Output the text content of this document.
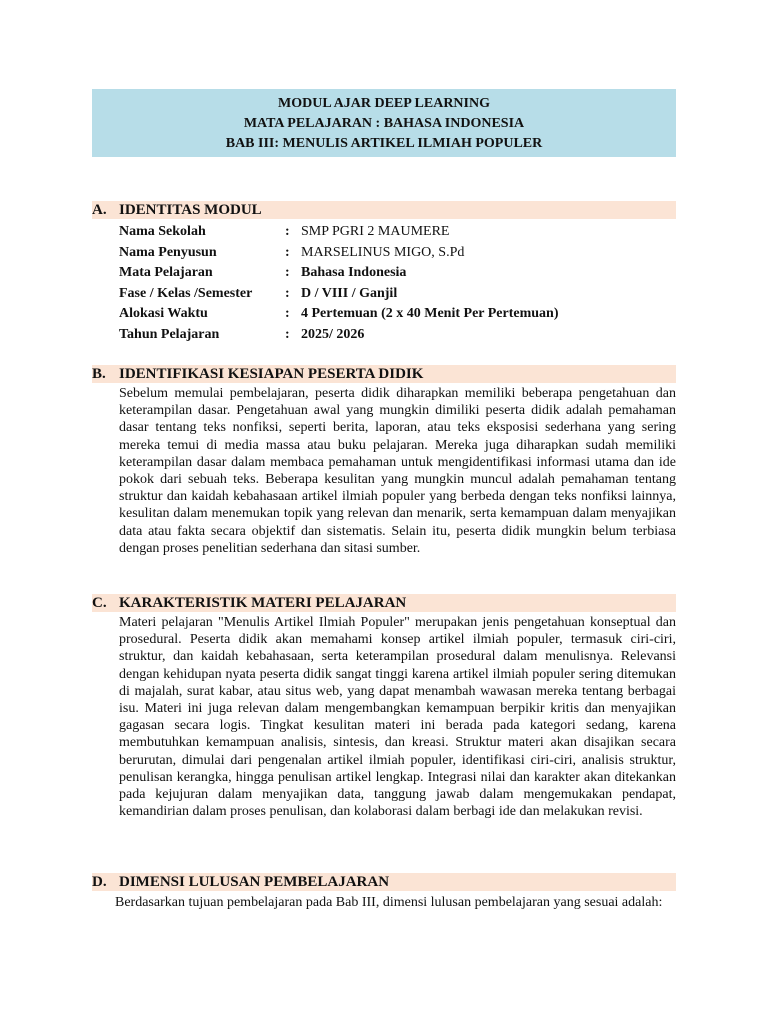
MODUL AJAR DEEP LEARNING
MATA PELAJARAN : BAHASA INDONESIA
BAB III: MENULIS ARTIKEL ILMIAH POPULER
A. IDENTITAS MODUL
Nama Sekolah	: SMP PGRI 2 MAUMERE
Nama Penyusun	: MARSELINUS MIGO, S.Pd
Mata Pelajaran	: Bahasa Indonesia
Fase / Kelas /Semester : D / VIII / Ganjil
Alokasi Waktu	: 4 Pertemuan (2 x 40 Menit Per Pertemuan)
Tahun Pelajaran	: 2025/ 2026
B. IDENTIFIKASI KESIAPAN PESERTA DIDIK
Sebelum memulai pembelajaran, peserta didik diharapkan memiliki beberapa pengetahuan dan keterampilan dasar. Pengetahuan awal yang mungkin dimiliki peserta didik adalah pemahaman dasar tentang teks nonfiksi, seperti berita, laporan, atau teks eksposisi sederhana yang sering mereka temui di media massa atau buku pelajaran. Mereka juga diharapkan sudah memiliki keterampilan dasar dalam membaca pemahaman untuk mengidentifikasi informasi utama dan ide pokok dari sebuah teks. Beberapa kesulitan yang mungkin muncul adalah pemahaman tentang struktur dan kaidah kebahasaan artikel ilmiah populer yang berbeda dengan teks nonfiksi lainnya, kesulitan dalam menemukan topik yang relevan dan menarik, serta kemampuan dalam menyajikan data atau fakta secara objektif dan sistematis. Selain itu, peserta didik mungkin belum terbiasa dengan proses penelitian sederhana dan sitasi sumber.
C. KARAKTERISTIK MATERI PELAJARAN
Materi pelajaran "Menulis Artikel Ilmiah Populer" merupakan jenis pengetahuan konseptual dan prosedural. Peserta didik akan memahami konsep artikel ilmiah populer, termasuk ciri-ciri, struktur, dan kaidah kebahasaan, serta keterampilan prosedural dalam menulisnya. Relevansi dengan kehidupan nyata peserta didik sangat tinggi karena artikel ilmiah populer sering ditemukan di majalah, surat kabar, atau situs web, yang dapat menambah wawasan mereka tentang berbagai isu. Materi ini juga relevan dalam mengembangkan kemampuan berpikir kritis dan menyajikan gagasan secara logis. Tingkat kesulitan materi ini berada pada kategori sedang, karena membutuhkan kemampuan analisis, sintesis, dan kreasi. Struktur materi akan disajikan secara berurutan, dimulai dari pengenalan artikel ilmiah populer, identifikasi ciri-ciri, analisis struktur, penulisan kerangka, hingga penulisan artikel lengkap. Integrasi nilai dan karakter akan ditekankan pada kejujuran dalam menyajikan data, tanggung jawab dalam mengemukakan pendapat, kemandirian dalam proses penulisan, dan kolaborasi dalam berbagi ide dan melakukan revisi.
D. DIMENSI LULUSAN PEMBELAJARAN
Berdasarkan tujuan pembelajaran pada Bab III, dimensi lulusan pembelajaran yang sesuai adalah:
